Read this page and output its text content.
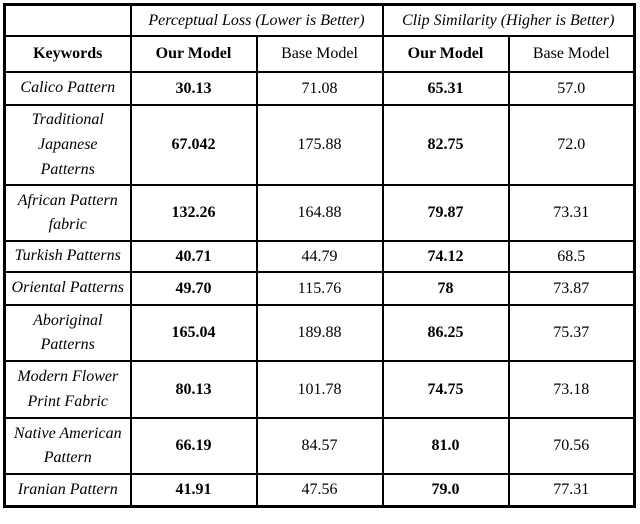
	Perceptual Loss (Lower is Better)		Clip Similarity (Higher is Better)	
Keywords	Our Model	Base Model	Our Model	Base Model
Calico Pattern	30.13	71.08	65.31	57.0
Traditional Japanese Patterns	67.042	175.88	82.75	72.0
African Pattern fabric	132.26	164.88	79.87	73.31
Turkish Patterns	40.71	44.79	74.12	68.5
Oriental Patterns	49.70	115.76	78	73.87
Aboriginal Patterns	165.04	189.88	86.25	75.37
Modern Flower Print Fabric	80.13	101.78	74.75	73.18
Native American Pattern	66.19	84.57	81.0	70.56
Iranian Pattern	41.91	47.56	79.0	77.31
